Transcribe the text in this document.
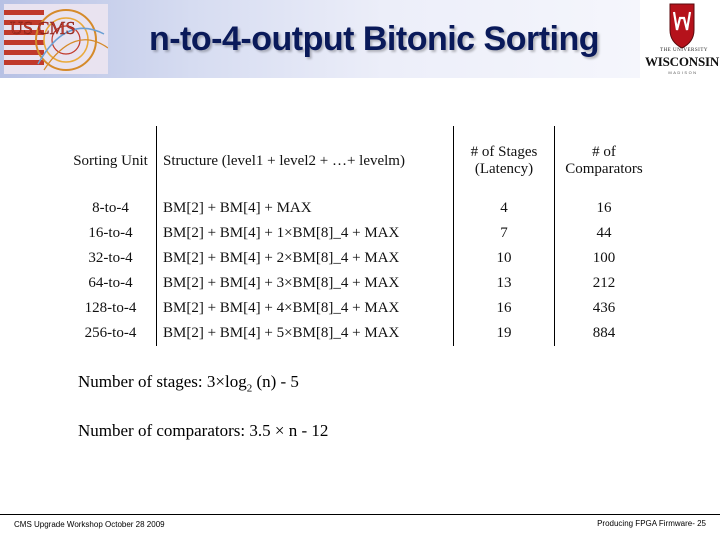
US CMS	n-to-4-output Bitonic Sorting	THE UNIVERSITY
WISCONSIN
MADISON
Sorting Unit	Structure (level1 + level2 + …+ levelm)	# of Stages (Latency)	# of Comparators
8-to-4	BM[2] + BM[4] + MAX	4	16
16-to-4	BM[2] + BM[4] + 1×BM[8]_4 + MAX	7	44
32-to-4	BM[2] + BM[4] + 2×BM[8]_4 + MAX	10	100
64-to-4	BM[2] + BM[4] + 3×BM[8]_4 + MAX	13	212
128-to-4	BM[2] + BM[4] + 4×BM[8]_4 + MAX	16	436
256-to-4	BM[2] + BM[4] + 5×BM[8]_4 + MAX	19	884
Number of stages: $3\times\log_2$ (n) - 5
Number of comparators: 3.5 × n - 12
CMS Upgrade Workshop October 28 2009	Producing FPGA Firmware- 25
